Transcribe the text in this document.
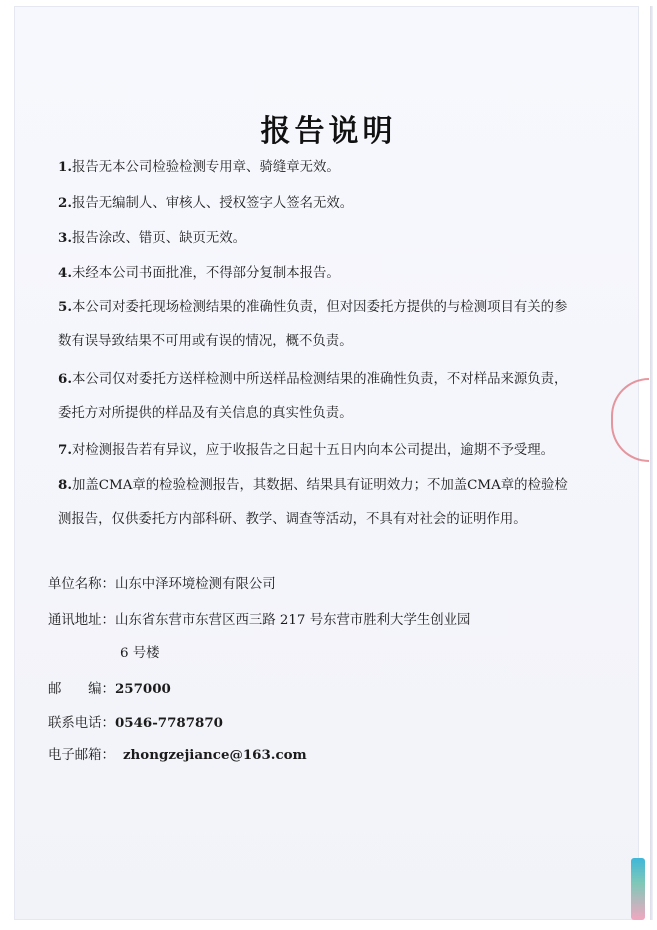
报告说明
1.报告无本公司检验检测专用章、骑缝章无效。
2.报告无编制人、审核人、授权签字人签名无效。
3.报告涂改、错页、缺页无效。
4.未经本公司书面批准，不得部分复制本报告。
5.本公司对委托现场检测结果的准确性负责，但对因委托方提供的与检测项目有关的参
数有误导致结果不可用或有误的情况，概不负责。
6.本公司仅对委托方送样检测中所送样品检测结果的准确性负责，不对样品来源负责，
委托方对所提供的样品及有关信息的真实性负责。
7.对检测报告若有异议，应于收报告之日起十五日内向本公司提出，逾期不予受理。
8.加盖CMA章的检验检测报告，其数据、结果具有证明效力；不加盖CMA章的检验检
测报告，仅供委托方内部科研、教学、调查等活动，不具有对社会的证明作用。
单位名称：山东中泽环境检测有限公司
通讯地址：山东省东营市东营区西三路 217 号东营市胜利大学生创业园
6 号楼
邮　　编：257000
联系电话：0546-7787870
电子邮箱： zhongzejiance@163.com
